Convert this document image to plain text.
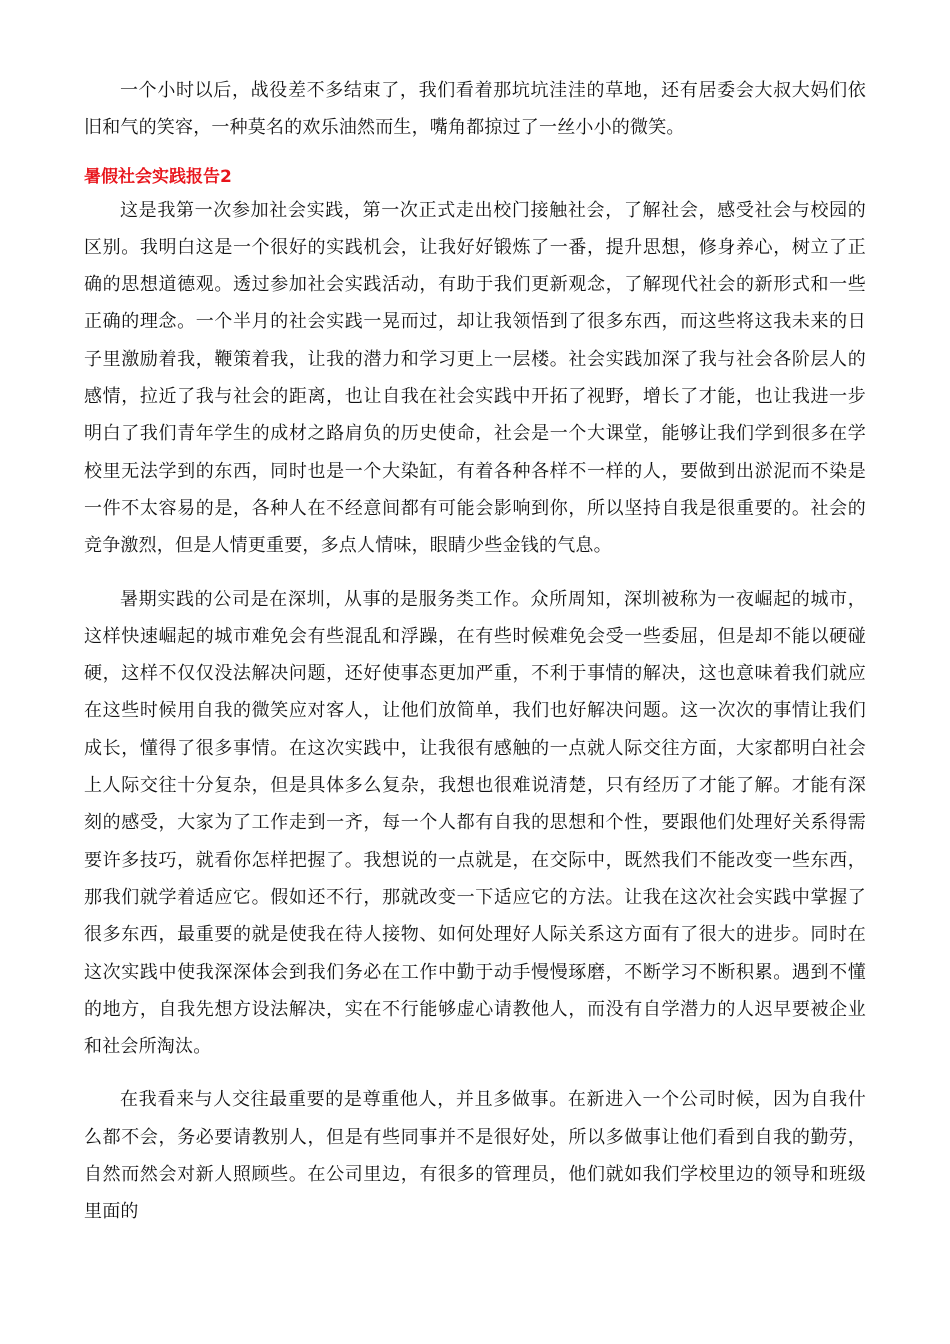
一个小时以后，战役差不多结束了，我们看着那坑坑洼洼的草地，还有居委会大叔大妈们依旧和气的笑容，一种莫名的欢乐油然而生，嘴角都掠过了一丝小小的微笑。

暑假社会实践报告2

这是我第一次参加社会实践，第一次正式走出校门接触社会，了解社会，感受社会与校园的区别。我明白这是一个很好的实践机会，让我好好锻炼了一番，提升思想，修身养心，树立了正确的思想道德观。透过参加社会实践活动，有助于我们更新观念，了解现代社会的新形式和一些正确的理念。一个半月的社会实践一晃而过，却让我领悟到了很多东西，而这些将这我未来的日子里激励着我，鞭策着我，让我的潜力和学习更上一层楼。社会实践加深了我与社会各阶层人的感情，拉近了我与社会的距离，也让自我在社会实践中开拓了视野，增长了才能，也让我进一步明白了我们青年学生的成材之路肩负的历史使命，社会是一个大课堂，能够让我们学到很多在学校里无法学到的东西，同时也是一个大染缸，有着各种各样不一样的人，要做到出淤泥而不染是一件不太容易的是，各种人在不经意间都有可能会影响到你，所以坚持自我是很重要的。社会的竞争激烈，但是人情更重要，多点人情味，眼睛少些金钱的气息。

暑期实践的公司是在深圳，从事的是服务类工作。众所周知，深圳被称为一夜崛起的城市，这样快速崛起的城市难免会有些混乱和浮躁，在有些时候难免会受一些委屈，但是却不能以硬碰硬，这样不仅仅没法解决问题，还好使事态更加严重，不利于事情的解决，这也意味着我们就应在这些时候用自我的微笑应对客人，让他们放简单，我们也好解决问题。这一次次的事情让我们成长，懂得了很多事情。在这次实践中，让我很有感触的一点就人际交往方面，大家都明白社会上人际交往十分复杂，但是具体多么复杂，我想也很难说清楚，只有经历了才能了解。才能有深刻的感受，大家为了工作走到一齐，每一个人都有自我的思想和个性，要跟他们处理好关系得需要许多技巧，就看你怎样把握了。我想说的一点就是，在交际中，既然我们不能改变一些东西，那我们就学着适应它。假如还不行，那就改变一下适应它的方法。让我在这次社会实践中掌握了很多东西，最重要的就是使我在待人接物、如何处理好人际关系这方面有了很大的进步。同时在这次实践中使我深深体会到我们务必在工作中勤于动手慢慢琢磨，不断学习不断积累。遇到不懂的地方，自我先想方设法解决，实在不行能够虚心请教他人，而没有自学潜力的人迟早要被企业和社会所淘汰。

在我看来与人交往最重要的是尊重他人，并且多做事。在新进入一个公司时候，因为自我什么都不会，务必要请教别人，但是有些同事并不是很好处，所以多做事让他们看到自我的勤劳，自然而然会对新人照顾些。在公司里边，有很多的管理员，他们就如我们学校里边的领导和班级里面的
